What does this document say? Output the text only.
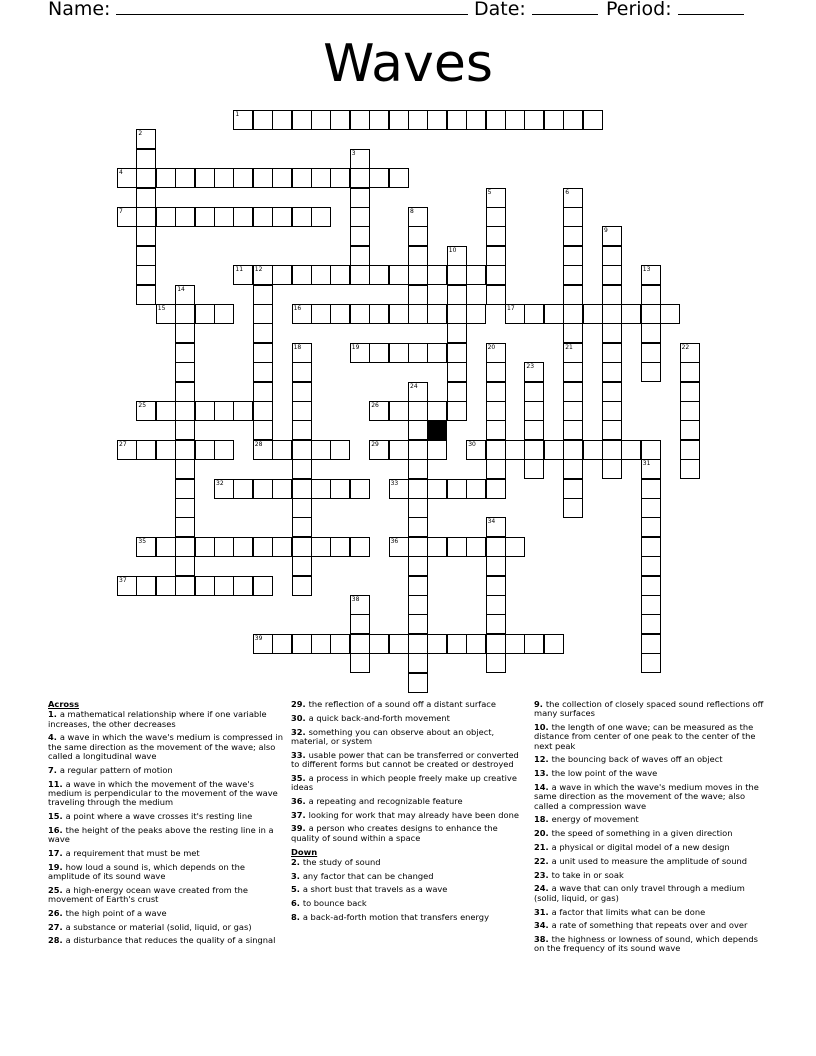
Name:	Date:	Period:
Waves
1
4
7
11 12
15	16	17
19
25	26
27	28	29	30
32	33
35	36
37
39
2
3
5	6
21
8
9
10
13
14
18	20	22
23
24
31
34
38
Across
1. a mathematical relationship where if one variable increases, the other decreases
4. a wave in which the wave's medium is compressed in the same direction as the movement of the wave; also called a longitudinal wave
7. a regular pattern of motion
11. a wave in which the movement of the wave's medium is perpendicular to the movement of the wave traveling through the medium
15. a point where a wave crosses it's resting line
16. the height of the peaks above the resting line in a wave
17. a requirement that must be met
19. how loud a sound is, which depends on the amplitude of its sound wave
25. a high-energy ocean wave created from the movement of Earth's crust
26. the high point of a wave
27. a substance or material (solid, liquid, or gas)
28. a disturbance that reduces the quality of a singnal
29. the reflection of a sound off a distant surface
30. a quick back-and-forth movement
32. something you can observe about an object, material, or system
33. usable power that can be transferred or converted to different forms but cannot be created or destroyed
35. a process in which people freely make up creative ideas
36. a repeating and recognizable feature
37. looking for work that may already have been done
39. a person who creates designs to enhance the quality of sound within a space
Down
2. the study of sound
3. any factor that can be changed
5. a short bust that travels as a wave
6. to bounce back
8. a back-ad-forth motion that transfers energy
9. the collection of closely spaced sound reflections off many surfaces
10. the length of one wave; can be measured as the distance from center of one peak to the center of the next peak
12. the bouncing back of waves off an object
13. the low point of the wave
14. a wave in which the wave's medium moves in the same direction as the movement of the wave; also called a compression wave
18. energy of movement
20. the speed of something in a given direction
21. a physical or digital model of a new design
22. a unit used to measure the amplitude of sound
23. to take in or soak
24. a wave that can only travel through a medium (solid, liquid, or gas)
31. a factor that limits what can be done
34. a rate of something that repeats over and over
38. the highness or lowness of sound, which depends on the frequency of its sound wave
